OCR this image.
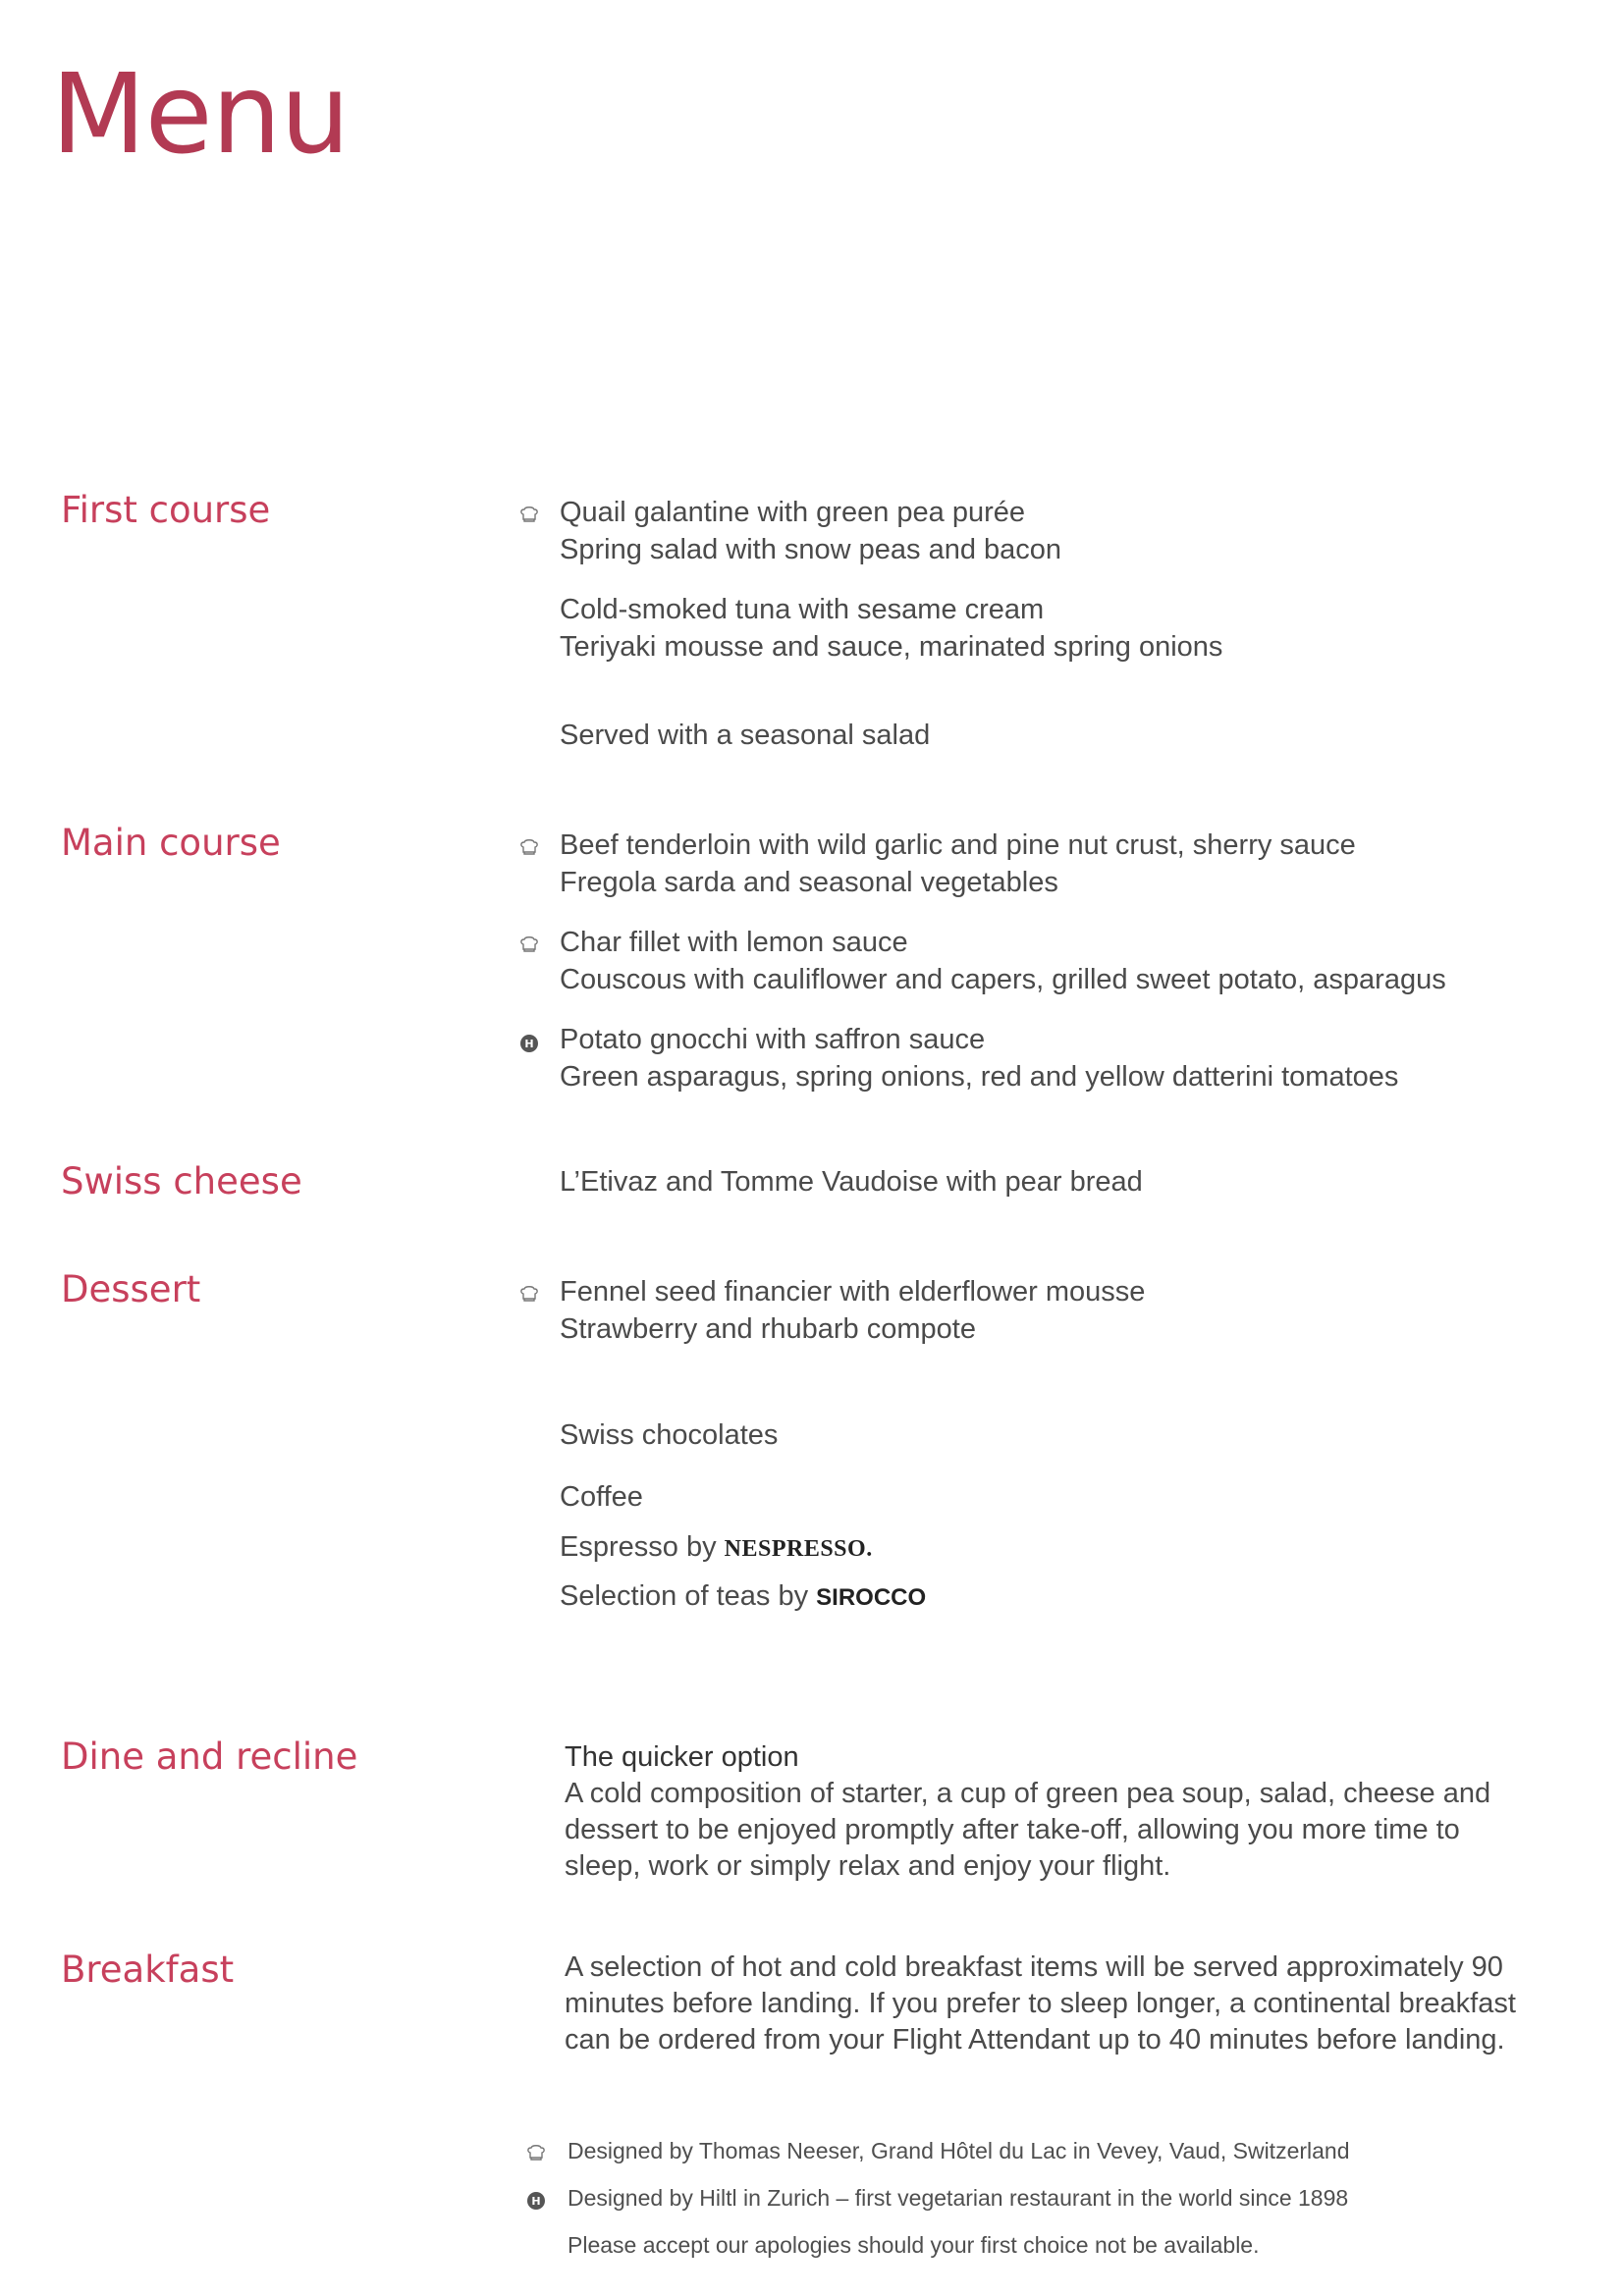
Menu
First course	Quail galantine with green pea purée
Spring salad with snow peas and bacon
Cold-smoked tuna with sesame cream
Teriyaki mousse and sauce, marinated spring onions
Served with a seasonal salad
Main course	Beef tenderloin with wild garlic and pine nut crust, sherry sauce
Fregola sarda and seasonal vegetables
Char fillet with lemon sauce
Couscous with cauliflower and capers, grilled sweet potato, asparagus
H Potato gnocchi with saffron sauce
Green asparagus, spring onions, red and yellow datterini tomatoes
Swiss cheese	L’Etivaz and Tomme Vaudoise with pear bread
Dessert	Fennel seed financier with elderflower mousse
Strawberry and rhubarb compote
Swiss chocolates
Coffee
Espresso by NESPRESSO.
Selection of teas by SIROCCO
Dine and recline	The quicker option
A cold composition of starter, a cup of green pea soup, salad, cheese and
dessert to be enjoyed promptly after take-off, allowing you more time to
sleep, work or simply relax and enjoy your flight.
Breakfast	A selection of hot and cold breakfast items will be served approximately 90
minutes before landing. If you prefer to sleep longer, a continental breakfast
can be ordered from your Flight Attendant up to 40 minutes before landing.
Designed by Thomas Neeser, Grand Hôtel du Lac in Vevey, Vaud, Switzerland
H Designed by Hiltl in Zurich – first vegetarian restaurant in the world since 1898
Please accept our apologies should your first choice not be available.
